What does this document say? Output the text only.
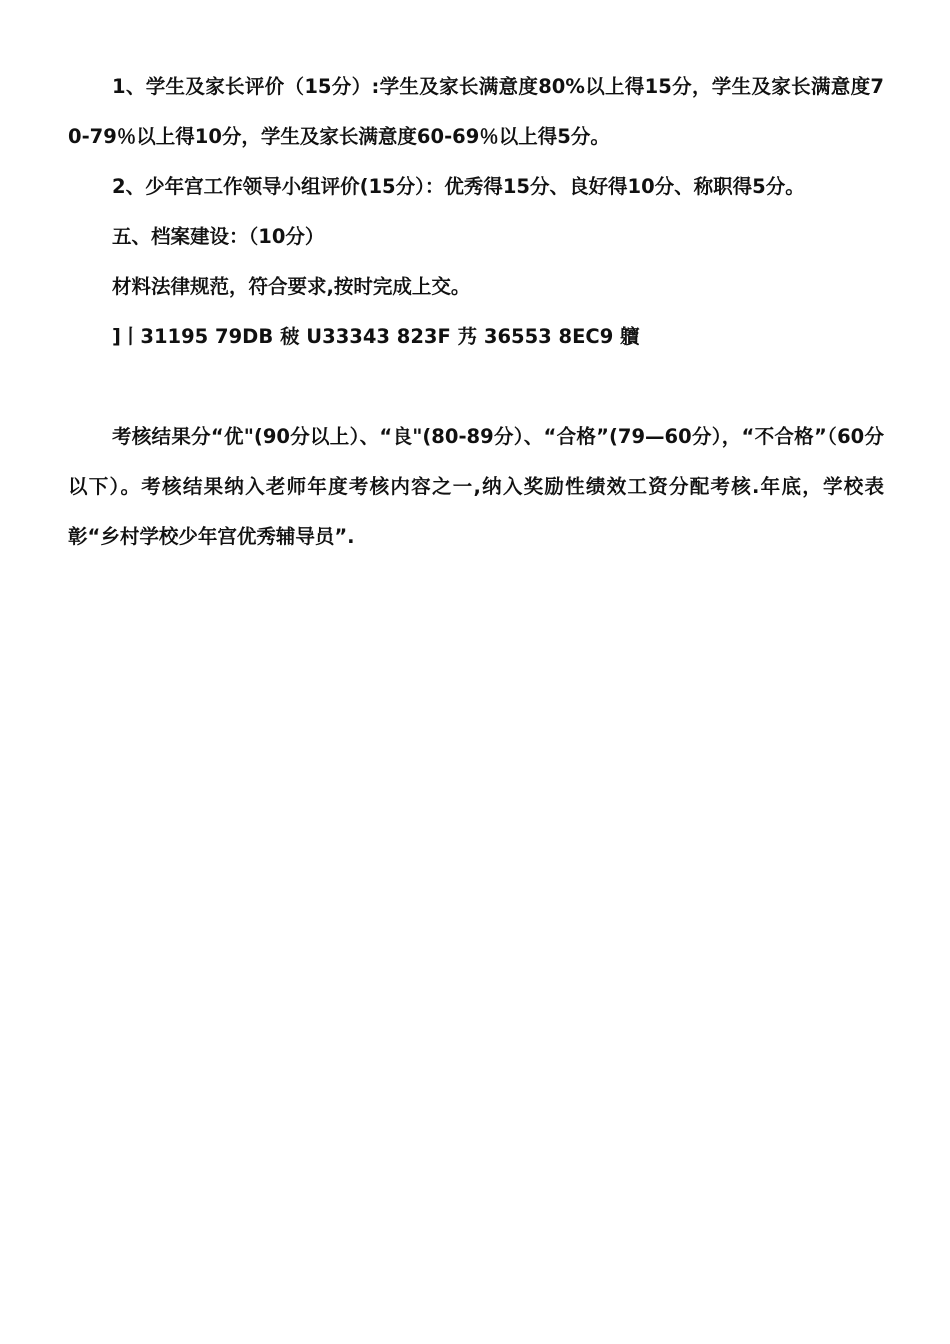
1、学生及家长评价（15分）:学生及家长满意度80%以上得15分，学生及家长满意度70-79％以上得10分，学生及家长满意度60-69％以上得5分。

2、少年宫工作领导小组评价(15分）：优秀得15分、良好得10分、称职得5分。

五、档案建设：（10分）

材料法律规范，符合要求,按时完成上交。

]丨31195 79DB 秛 U33343 823F 艿 36553 8EC9 軉

考核结果分“优"(90分以上）、“良"(80-89分）、“合格”(79—60分），“不合格”（60分以下）。考核结果纳入老师年度考核内容之一,纳入奖励性绩效工资分配考核.年底，学校表彰“乡村学校少年宫优秀辅导员”.
